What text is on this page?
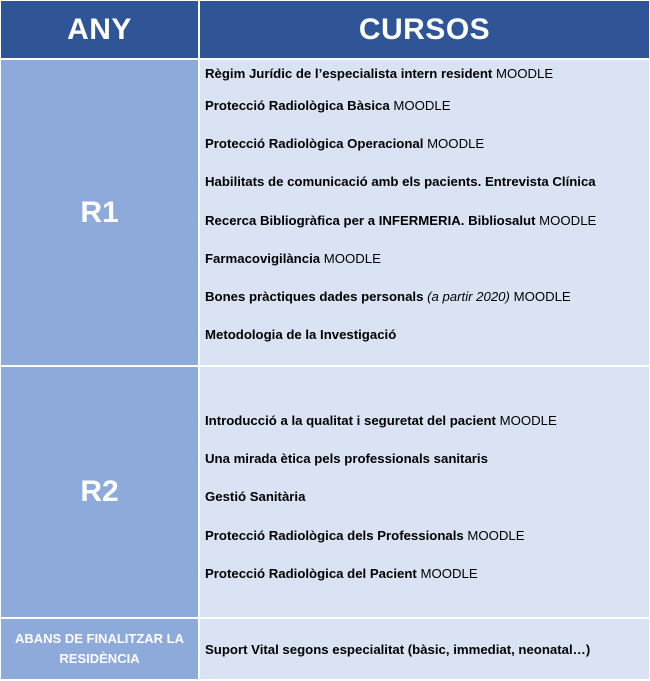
ANY	CURSOS
R1
Règim Jurídic de l’especialista intern resident
MOODLE
Protecció Radiològica Bàsica
MOODLE
Protecció Radiològica Operacional
MOODLE
Habilitats de comunicació amb els pacients. Entrevista Clínica
Recerca Bibliogràfica per a INFERMERIA. Bibliosalut
MOODLE
Farmacovigilància
MOODLE
Bones pràctiques dades personals
(a partir 2020)
MOODLE
Metodologia de la Investigació
R2
Introducció a la qualitat i seguretat del pacient
MOODLE
Una mirada ètica pels professionals sanitaris
Gestió Sanitària
Protecció Radiològica dels Professionals
MOODLE
Protecció Radiològica del Pacient
MOODLE
ABANS DE FINALITZAR LA RESIDÈNCIA
Suport Vital segons especialitat (bàsic, immediat, neonatal…)
